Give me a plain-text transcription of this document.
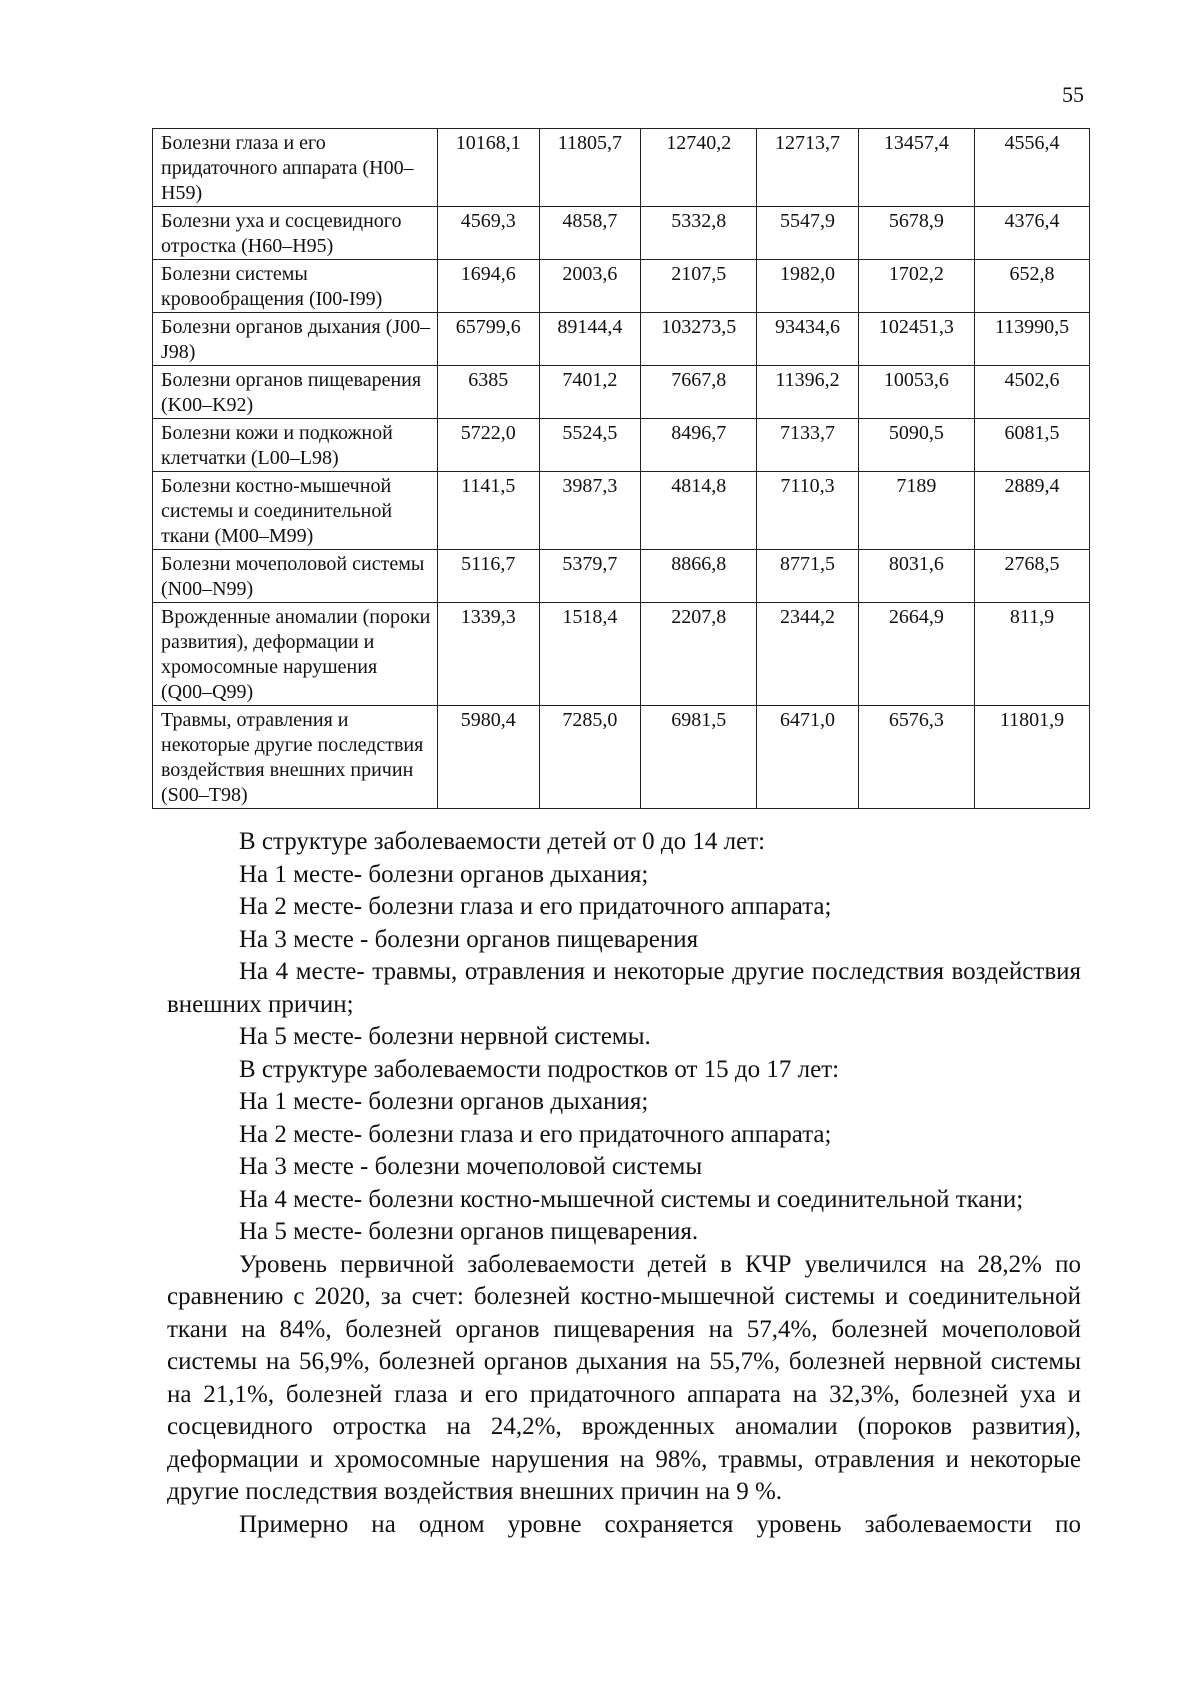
55
Болезни глаза и его придаточного аппарата (H00–H59)	10168,1	11805,7	12740,2	12713,7	13457,4	4556,4
Болезни уха и сосцевидного отростка (H60–H95)	4569,3	4858,7	5332,8	5547,9	5678,9	4376,4
Болезни системы кровообращения (I00-I99)	1694,6	2003,6	2107,5	1982,0	1702,2	652,8
Болезни органов дыхания (J00–J98)	65799,6	89144,4	103273,5	93434,6	102451,3	113990,5
Болезни органов пищеварения (K00–K92)	6385	7401,2	7667,8	11396,2	10053,6	4502,6
Болезни кожи и подкожной клетчатки (L00–L98)	5722,0	5524,5	8496,7	7133,7	5090,5	6081,5
Болезни костно-мышечной системы и соединительной ткани (M00–M99)	1141,5	3987,3	4814,8	7110,3	7189	2889,4
Болезни мочеполовой системы (N00–N99)	5116,7	5379,7	8866,8	8771,5	8031,6	2768,5
Врожденные аномалии (пороки развития), деформации и хромосомные нарушения (Q00–Q99)	1339,3	1518,4	2207,8	2344,2	2664,9	811,9
Травмы, отравления и некоторые другие последствия воздействия внешних причин (S00–T98)	5980,4	7285,0	6981,5	6471,0	6576,3	11801,9

В структуре заболеваемости детей от 0 до 14 лет:

На 1 месте- болезни органов дыхания;

На 2 месте- болезни глаза и его придаточного аппарата;

На 3 месте - болезни органов пищеварения

На 4 месте- травмы, отравления и некоторые другие последствия воздействия внешних причин;

На 5 месте- болезни нервной системы.

В структуре заболеваемости подростков от 15 до 17 лет:

На 1 месте- болезни органов дыхания;

На 2 месте- болезни глаза и его придаточного аппарата;

На 3 месте - болезни мочеполовой системы

На 4 месте- болезни костно-мышечной системы и соединительной ткани;

На 5 месте- болезни органов пищеварения.

Уровень первичной заболеваемости детей в КЧР увеличился на 28,2% по сравнению с 2020, за счет: болезней костно-мышечной системы и соединительной ткани на 84%, болезней органов пищеварения на 57,4%, болезней мочеполовой системы на 56,9%, болезней органов дыхания на 55,7%, болезней нервной системы на 21,1%, болезней глаза и его придаточного аппарата на 32,3%, болезней уха и сосцевидного отростка на 24,2%, врожденных аномалии (пороков развития), деформации и хромосомные нарушения на 98%, травмы, отравления и некоторые другие последствия воздействия внешних причин на 9 %.

Примерно на одном уровне сохраняется уровень заболеваемости по
